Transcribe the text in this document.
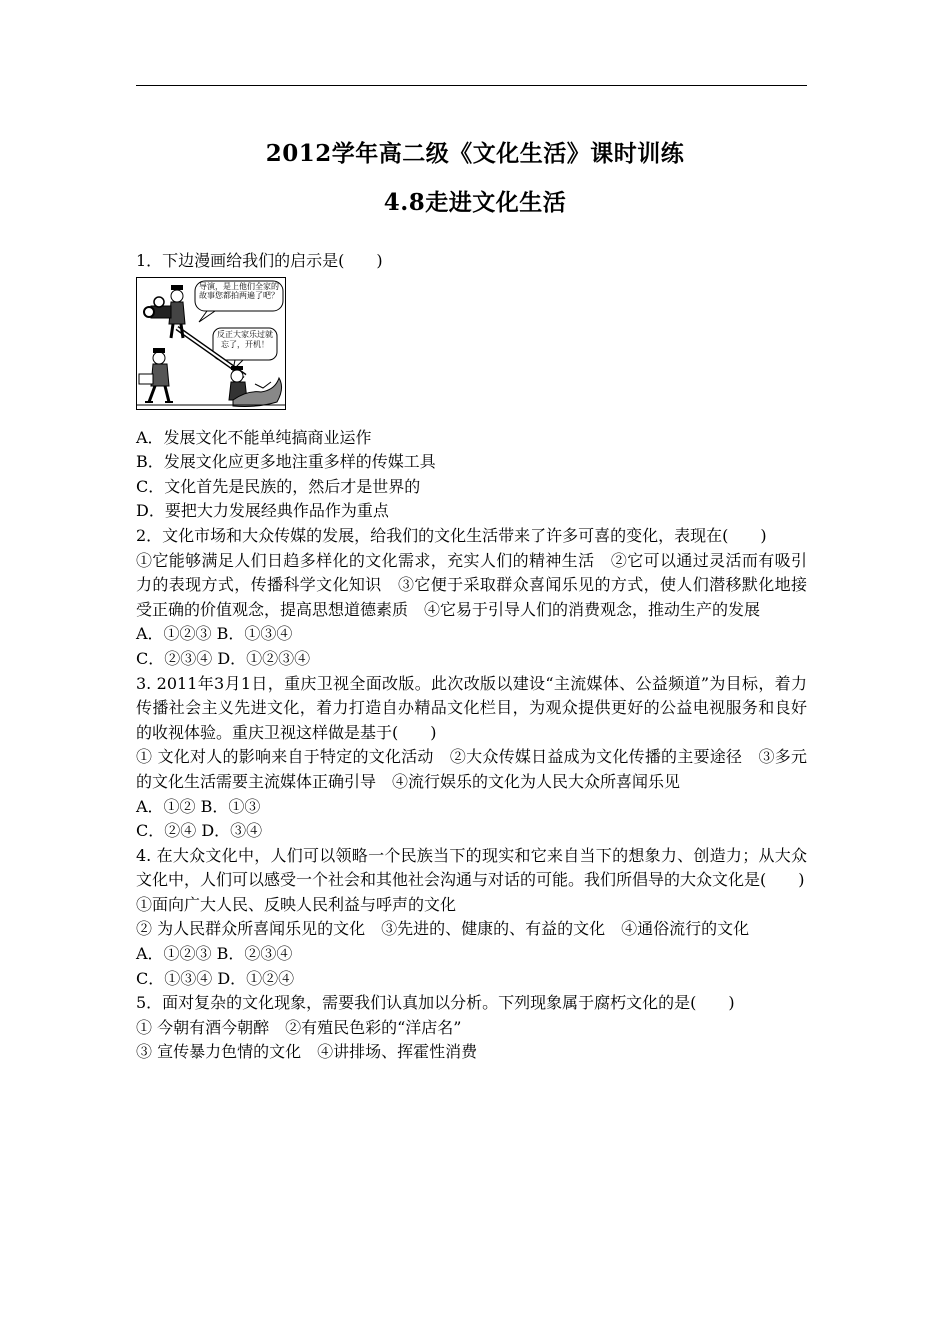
2012学年高二级《文化生活》课时训练
4.8走进文化生活
1．下边漫画给我们的启示是(　　)
导演，是上他们全家的故事您都拍两遍了吧？
反正大家乐过就忘了，开机！
A．发展文化不能单纯搞商业运作
B．发展文化应更多地注重多样的传媒工具
C．文化首先是民族的，然后才是世界的
D．要把大力发展经典作品作为重点
2．文化市场和大众传媒的发展，给我们的文化生活带来了许多可喜的变化，表现在(　　)
①它能够满足人们日趋多样化的文化需求，充实人们的精神生活　②它可以通过灵活而有吸引力的表现方式，传播科学文化知识　③它便于采取群众喜闻乐见的方式，使人们潜移默化地接受正确的价值观念，提高思想道德素质　④它易于引导人们的消费观念，推动生产的发展
A．①②③ B．①③④
C．②③④ D．①②③④
3. 2011年3月1日，重庆卫视全面改版。此次改版以建设“主流媒体、公益频道”为目标，着力传播社会主义先进文化，着力打造自办精品文化栏目，为观众提供更好的公益电视服务和良好的收视体验。重庆卫视这样做是基于(　　)
① 文化对人的影响来自于特定的文化活动　②大众传媒日益成为文化传播的主要途径　③多元的文化生活需要主流媒体正确引导　④流行娱乐的文化为人民大众所喜闻乐见
A．①② B．①③
C．②④ D．③④
4. 在大众文化中，人们可以领略一个民族当下的现实和它来自当下的想象力、创造力；从大众文化中，人们可以感受一个社会和其他社会沟通与对话的可能。我们所倡导的大众文化是(　　)
①面向广大人民、反映人民利益与呼声的文化
② 为人民群众所喜闻乐见的文化　③先进的、健康的、有益的文化　④通俗流行的文化
A．①②③ B．②③④
C．①③④ D．①②④
5．面对复杂的文化现象，需要我们认真加以分析。下列现象属于腐朽文化的是(　　)
① 今朝有酒今朝醉　②有殖民色彩的“洋店名”
③ 宣传暴力色情的文化　④讲排场、挥霍性消费
